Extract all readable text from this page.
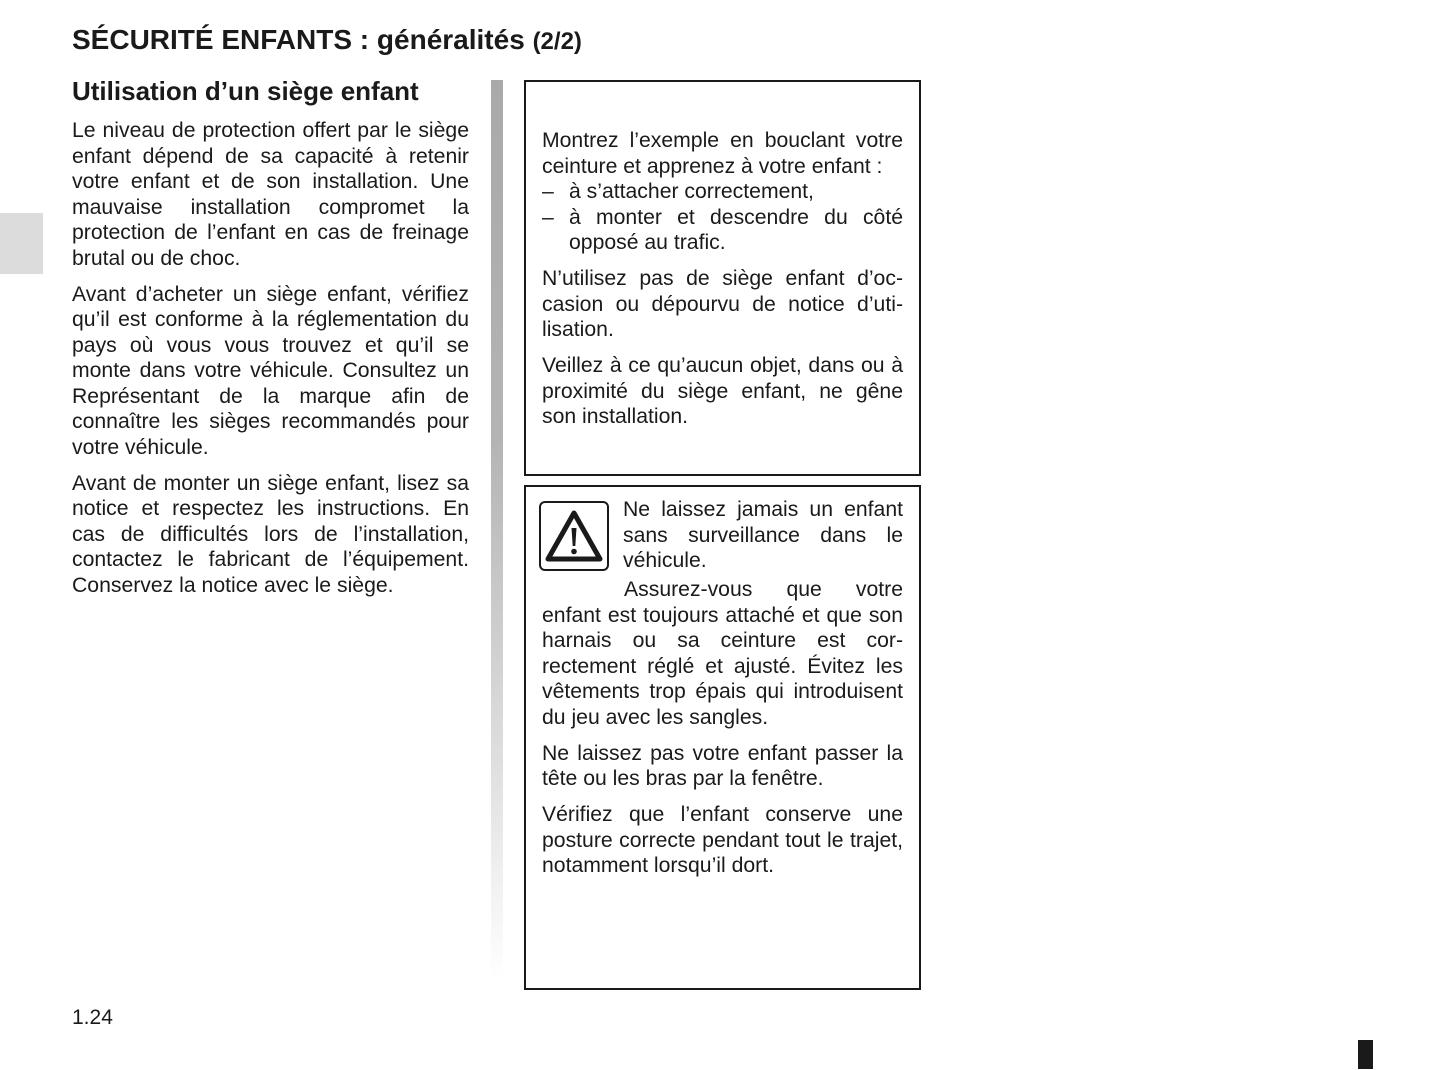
SÉCURITÉ ENFANTS : généralités (2/2)
Utilisation d’un siège enfant

Le niveau de protection offert par le siège enfant dépend de sa capacité à retenir votre enfant et de son installation. Une mauvaise installation compromet la protection de l’enfant en cas de freinage brutal ou de choc.

Avant d’acheter un siège enfant, vérifiez qu’il est conforme à la réglementation du pays où vous vous trouvez et qu’il se monte dans votre véhicule. Consultez un Représentant de la marque afin de connaître les sièges recommandés pour votre véhicule.

Avant de monter un siège enfant, lisez sa notice et respectez les instructions. En cas de difficultés lors de l’installation, contactez le fabricant de l’équipement. Conservez la notice avec le siège.

Montrez l’exemple en bouclant votre ceinture et apprenez à votre enfant :

– à s’attacher correctement,
– à monter et descendre du côté opposé au trafic.

N’utilisez pas de siège enfant d’occasion ou dépourvu de notice d’utilisation.

Veillez à ce qu’aucun objet, dans ou à proximité du siège enfant, ne gêne son installation.

Ne laissez jamais un enfant sans surveillance dans le véhicule.

Assurez-vous que votre enfant est toujours attaché et que son harnais ou sa ceinture est correctement réglé et ajusté. Évitez les vêtements trop épais qui introduisent du jeu avec les sangles.

Ne laissez pas votre enfant passer la tête ou les bras par la fenêtre.

Vérifiez que l’enfant conserve une posture correcte pendant tout le trajet, notamment lorsqu’il dort.

1.24
